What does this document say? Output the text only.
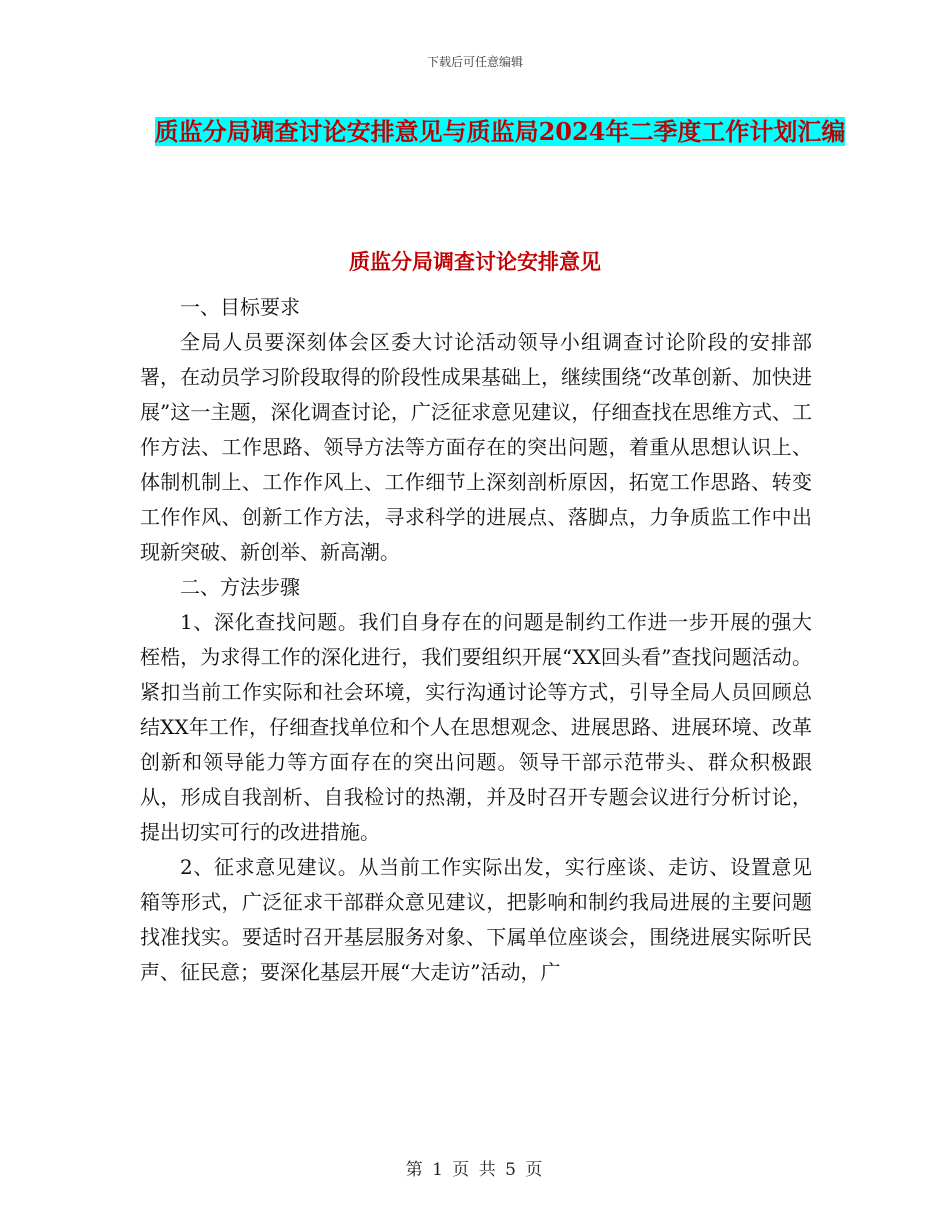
下载后可任意编辑
质监分局调查讨论安排意见与质监局2024年二季度工作计划汇编
质监分局调查讨论安排意见

一、目标要求

全局人员要深刻体会区委大讨论活动领导小组调查讨论阶段的安排部署，在动员学习阶段取得的阶段性成果基础上，继续围绕“改革创新、加快进展”这一主题，深化调查讨论，广泛征求意见建议，仔细查找在思维方式、工作方法、工作思路、领导方法等方面存在的突出问题，着重从思想认识上、体制机制上、工作作风上、工作细节上深刻剖析原因，拓宽工作思路、转变工作作风、创新工作方法，寻求科学的进展点、落脚点，力争质监工作中出现新突破、新创举、新高潮。

二、方法步骤

1、深化查找问题。我们自身存在的问题是制约工作进一步开展的强大桎梏，为求得工作的深化进行，我们要组织开展“XX回头看”查找问题活动。紧扣当前工作实际和社会环境，实行沟通讨论等方式，引导全局人员回顾总结XX年工作，仔细查找单位和个人在思想观念、进展思路、进展环境、改革创新和领导能力等方面存在的突出问题。领导干部示范带头、群众积极跟从，形成自我剖析、自我检讨的热潮，并及时召开专题会议进行分析讨论，提出切实可行的改进措施。

2、征求意见建议。从当前工作实际出发，实行座谈、走访、设置意见箱等形式，广泛征求干部群众意见建议，把影响和制约我局进展的主要问题找准找实。要适时召开基层服务对象、下属单位座谈会，围绕进展实际听民声、征民意；要深化基层开展“大走访”活动，广

第 1 页 共 5 页
